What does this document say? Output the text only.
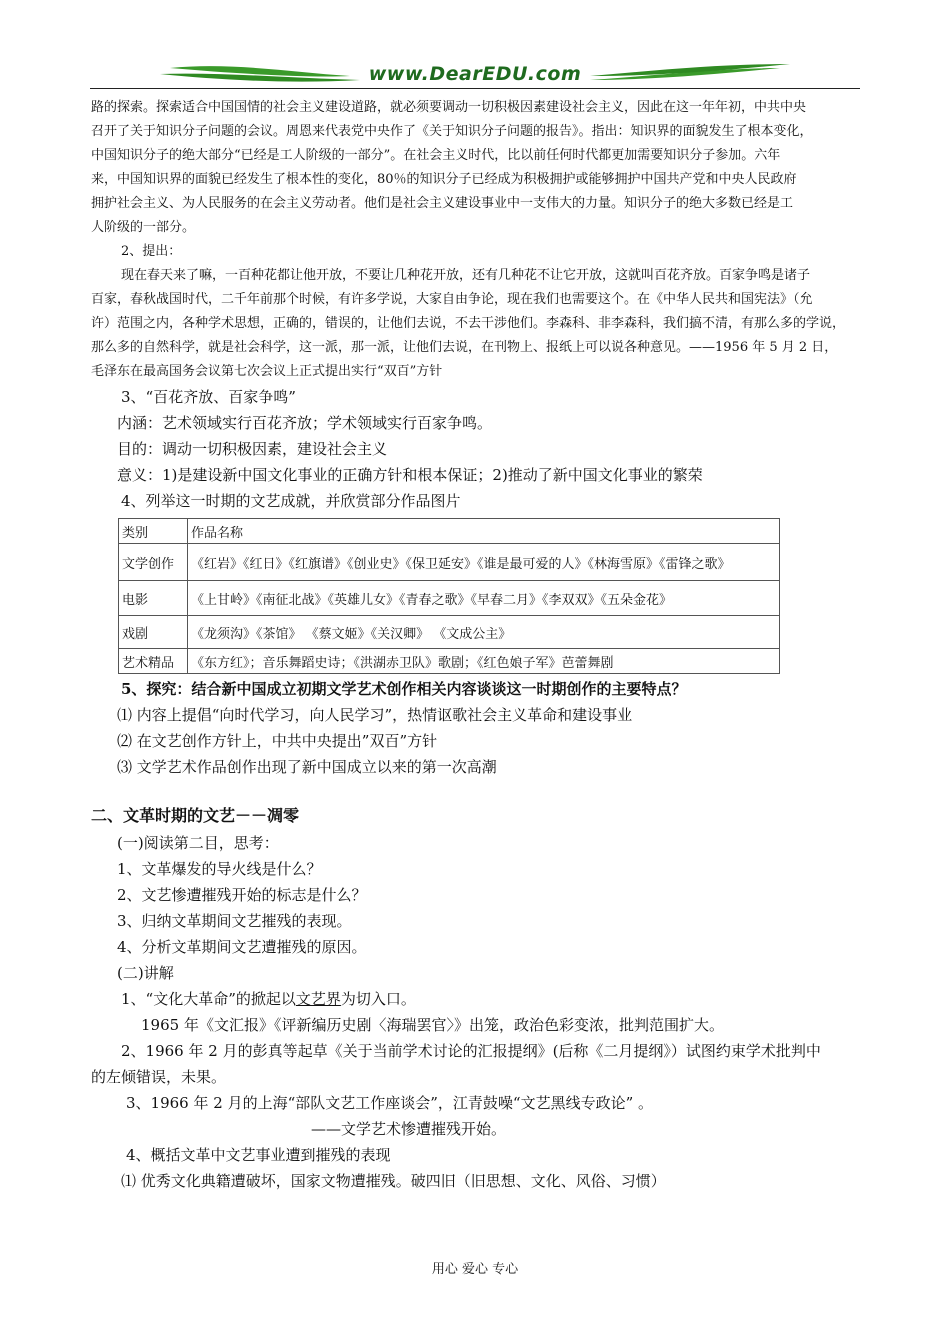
www.DearEDU.com

路的探索。探索适合中国国情的社会主义建设道路，就必须要调动一切积极因素建设社会主义，因此在这一年年初，中共中央

召开了关于知识分子问题的会议。周恩来代表党中央作了《关于知识分子问题的报告》。指出：知识界的面貌发生了根本变化，

中国知识分子的绝大部分“已经是工人阶级的一部分”。在社会主义时代，比以前任何时代都更加需要知识分子参加。六年

来，中国知识界的面貌已经发生了根本性的变化，80％的知识分子已经成为积极拥护或能够拥护中国共产党和中央人民政府

拥护社会主义、为人民服务的在会主义劳动者。他们是社会主义建设事业中一支伟大的力量。知识分子的绝大多数已经是工

人阶级的一部分。

2、提出：

现在春天来了嘛，一百种花都让他开放，不要让几种花开放，还有几种花不让它开放，这就叫百花齐放。百家争鸣是诸子

百家，春秋战国时代，二千年前那个时候，有许多学说，大家自由争论，现在我们也需要这个。在《中华人民共和国宪法》（允

许）范围之内，各种学术思想，正确的，错误的，让他们去说，不去干涉他们。李森科、非李森科，我们搞不清，有那么多的学说，

那么多的自然科学，就是社会科学，这一派，那一派，让他们去说，在刊物上、报纸上可以说各种意见。——1956 年 5 月 2 日，

毛泽东在最高国务会议第七次会议上正式提出实行“双百”方针

3、“百花齐放、百家争鸣”

内涵：艺术领域实行百花齐放；学术领域实行百家争鸣。

目的：调动一切积极因素，建设社会主义

意义：1)是建设新中国文化事业的正确方针和根本保证；2)推动了新中国文化事业的繁荣

4、列举这一时期的文艺成就，并欣赏部分作品图片

类别	作品名称
文学创作	《红岩》《红日》《红旗谱》《创业史》《保卫延安》《谁是最可爱的人》《林海雪原》《雷锋之歌》
电影	《上甘岭》《南征北战》《英雄儿女》《青春之歌》《早春二月》《李双双》《五朵金花》
戏剧	《龙须沟》《茶馆》 《蔡文姬》《关汉卿》 《文成公主》
艺术精品	《东方红》；音乐舞蹈史诗；《洪湖赤卫队》歌剧；《红色娘子军》芭蕾舞剧

5、探究：结合新中国成立初期文学艺术创作相关内容谈谈这一时期创作的主要特点？

⑴ 内容上提倡“向时代学习，向人民学习”，热情讴歌社会主义革命和建设事业

⑵ 在文艺创作方针上，中共中央提出”双百”方针

⑶ 文学艺术作品创作出现了新中国成立以来的第一次高潮

二、文革时期的文艺－－凋零

(一)阅读第二目，思考：

1、文革爆发的导火线是什么？

2、文艺惨遭摧残开始的标志是什么？

3、归纳文革期间文艺摧残的表现。

4、分析文革期间文艺遭摧残的原因。

(二)讲解

1、“文化大革命”的掀起以文艺界为切入口。

1965 年《文汇报》《评新编历史剧〈海瑞罢官〉》出笼，政治色彩变浓，批判范围扩大。

2、1966 年 2 月的彭真等起草《关于当前学术讨论的汇报提纲》(后称《二月提纲》）试图约束学术批判中

的左倾错误，未果。

3、1966 年 2 月的上海“部队文艺工作座谈会”，江青鼓噪“文艺黑线专政论” 。

——文学艺术惨遭摧残开始。

4、概括文革中文艺事业遭到摧残的表现

⑴ 优秀文化典籍遭破坏，国家文物遭摧残。破四旧（旧思想、文化、风俗、习惯）

用心 爱心 专心
